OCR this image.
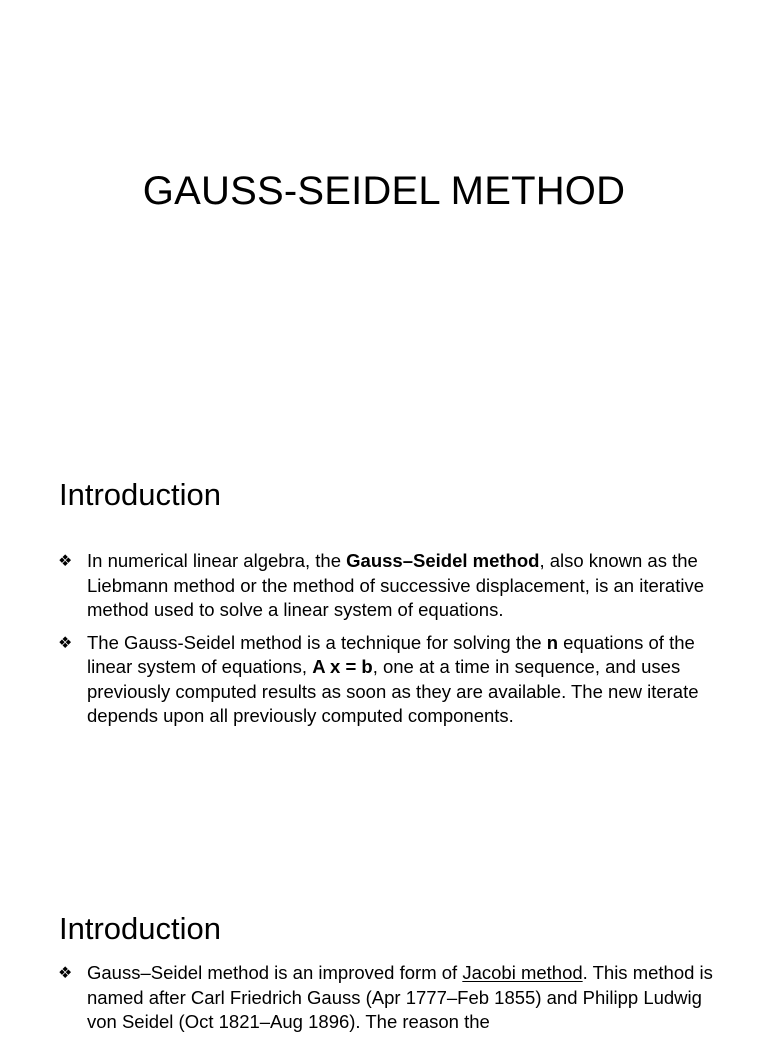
GAUSS-SEIDEL METHOD
Introduction
❖ In numerical linear algebra, the Gauss–Seidel method, also known as the Liebmann method or the method of successive displacement, is an iterative method used to solve a linear system of equations.
❖ The Gauss-Seidel method is a technique for solving the n equations of the linear system of equations, A x = b, one at a time in sequence, and uses previously computed results as soon as they are available. The new iterate depends upon all previously computed components.
Introduction
❖ Gauss–Seidel method is an improved form of Jacobi method. This method is named after Carl Friedrich Gauss (Apr 1777–Feb 1855) and Philipp Ludwig von Seidel (Oct 1821–Aug 1896). The reason the
